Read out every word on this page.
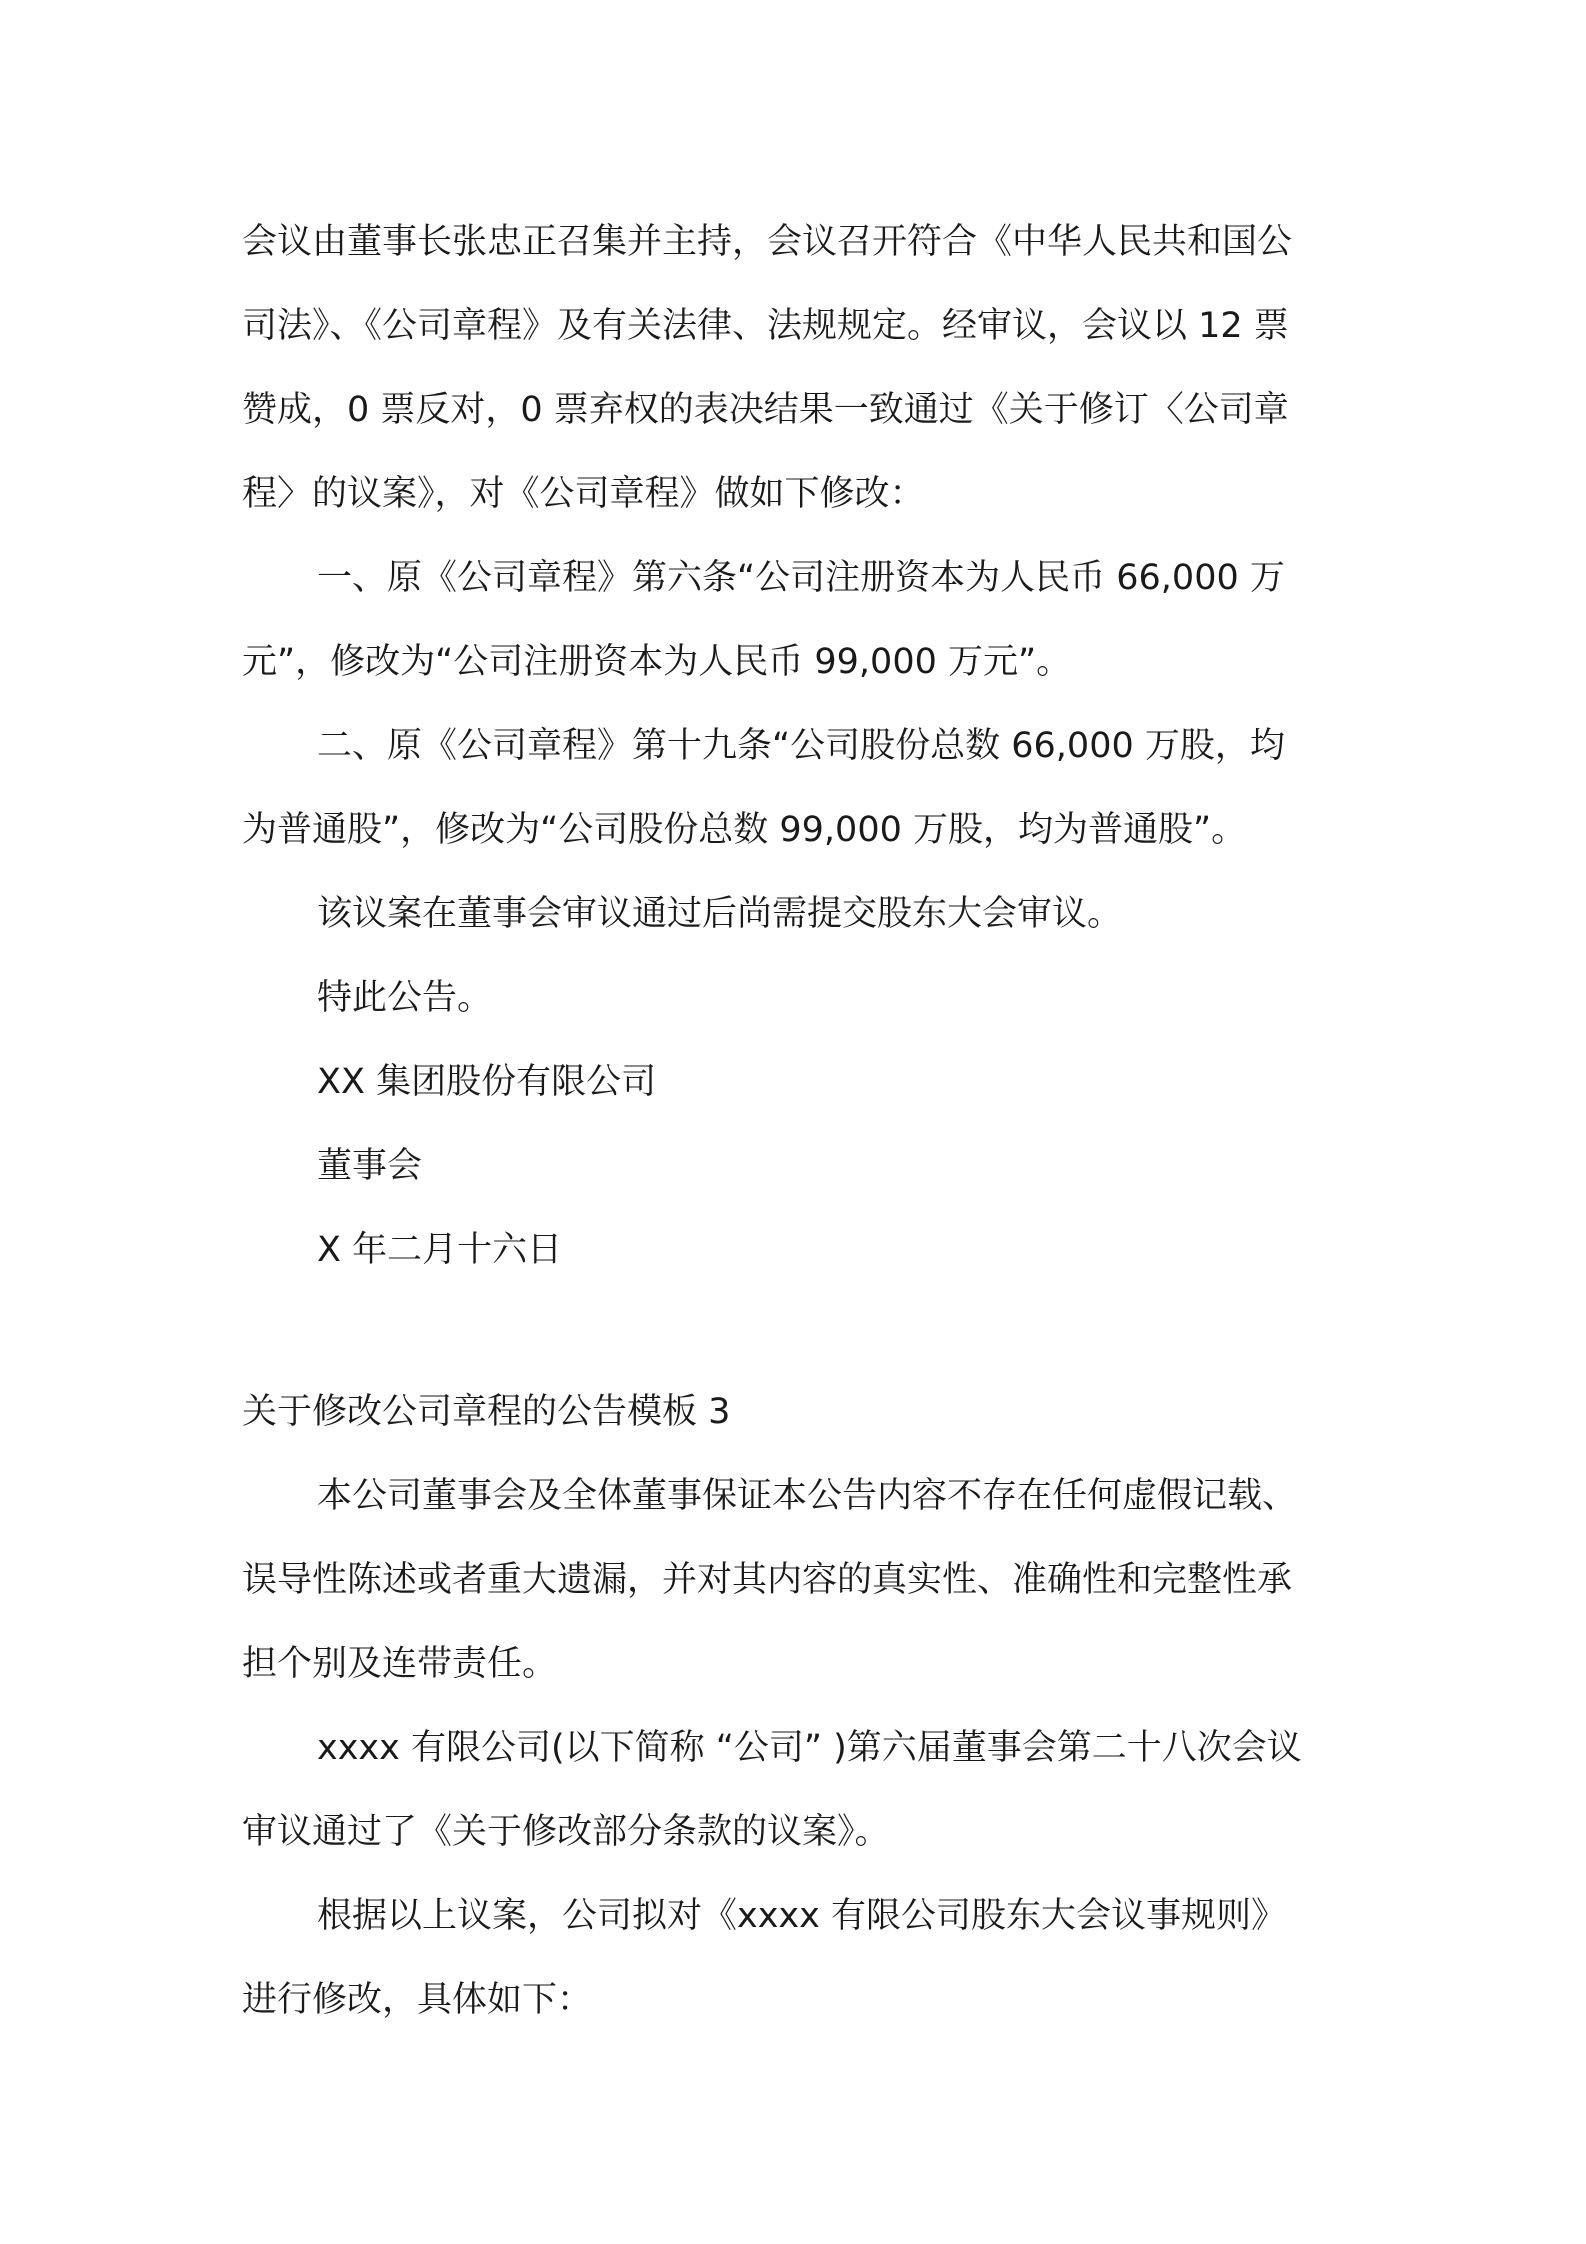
会议由董事长张忠正召集并主持，会议召开符合《中华人民共和国公

司法》、《公司章程》及有关法律、法规规定。经审议，会议以 12 票

赞成，0 票反对，0 票弃权的表决结果一致通过《关于修订〈公司章

程〉的议案》，对《公司章程》做如下修改：

一、原《公司章程》第六条“公司注册资本为人民币 66,000 万

元”，修改为“公司注册资本为人民币 99,000 万元”。

二、原《公司章程》第十九条“公司股份总数 66,000 万股，均

为普通股”，修改为“公司股份总数 99,000 万股，均为普通股”。

该议案在董事会审议通过后尚需提交股东大会审议。

特此公告。

XX 集团股份有限公司

董事会

X 年二月十六日

关于修改公司章程的公告模板 3

本公司董事会及全体董事保证本公告内容不存在任何虚假记载、

误导性陈述或者重大遗漏，并对其内容的真实性、准确性和完整性承

担个别及连带责任。

xxxx 有限公司(以下简称 “公司” )第六届董事会第二十八次会议

审议通过了《关于修改部分条款的议案》。

根据以上议案，公司拟对《xxxx 有限公司股东大会议事规则》

进行修改，具体如下：
